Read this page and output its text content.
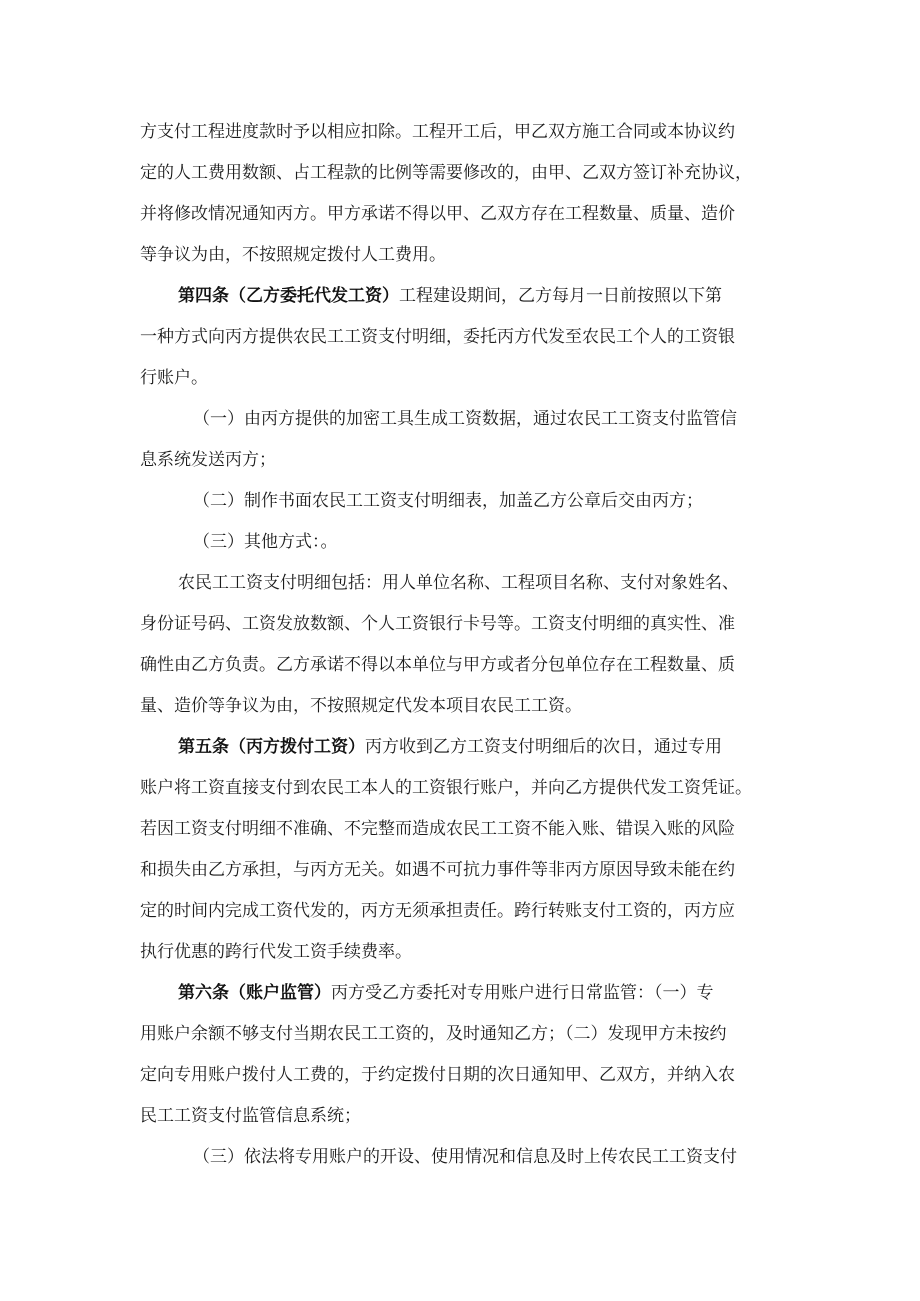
方支付工程进度款时予以相应扣除。工程开工后，甲乙双方施工合同或本协议约
定的人工费用数额、占工程款的比例等需要修改的，由甲、乙双方签订补充协议，
并将修改情况通知丙方。甲方承诺不得以甲、乙双方存在工程数量、质量、造价
等争议为由，不按照规定拨付人工费用。
第四条（乙方委托代发工资）工程建设期间，乙方每月一日前按照以下第
一种方式向丙方提供农民工工资支付明细，委托丙方代发至农民工个人的工资银
行账户。
（一）由丙方提供的加密工具生成工资数据，通过农民工工资支付监管信
息系统发送丙方；
（二）制作书面农民工工资支付明细表，加盖乙方公章后交由丙方；
（三）其他方式：。
农民工工资支付明细包括：用人单位名称、工程项目名称、支付对象姓名、
身份证号码、工资发放数额、个人工资银行卡号等。工资支付明细的真实性、准
确性由乙方负责。乙方承诺不得以本单位与甲方或者分包单位存在工程数量、质
量、造价等争议为由，不按照规定代发本项目农民工工资。
第五条（丙方拨付工资）丙方收到乙方工资支付明细后的次日，通过专用
账户将工资直接支付到农民工本人的工资银行账户，并向乙方提供代发工资凭证。
若因工资支付明细不准确、不完整而造成农民工工资不能入账、错误入账的风险
和损失由乙方承担，与丙方无关。如遇不可抗力事件等非丙方原因导致未能在约
定的时间内完成工资代发的，丙方无须承担责任。跨行转账支付工资的，丙方应
执行优惠的跨行代发工资手续费率。
第六条（账户监管）丙方受乙方委托对专用账户进行日常监管：（一）专
用账户余额不够支付当期农民工工资的，及时通知乙方；（二）发现甲方未按约
定向专用账户拨付人工费的，于约定拨付日期的次日通知甲、乙双方，并纳入农
民工工资支付监管信息系统；
（三）依法将专用账户的开设、使用情况和信息及时上传农民工工资支付
